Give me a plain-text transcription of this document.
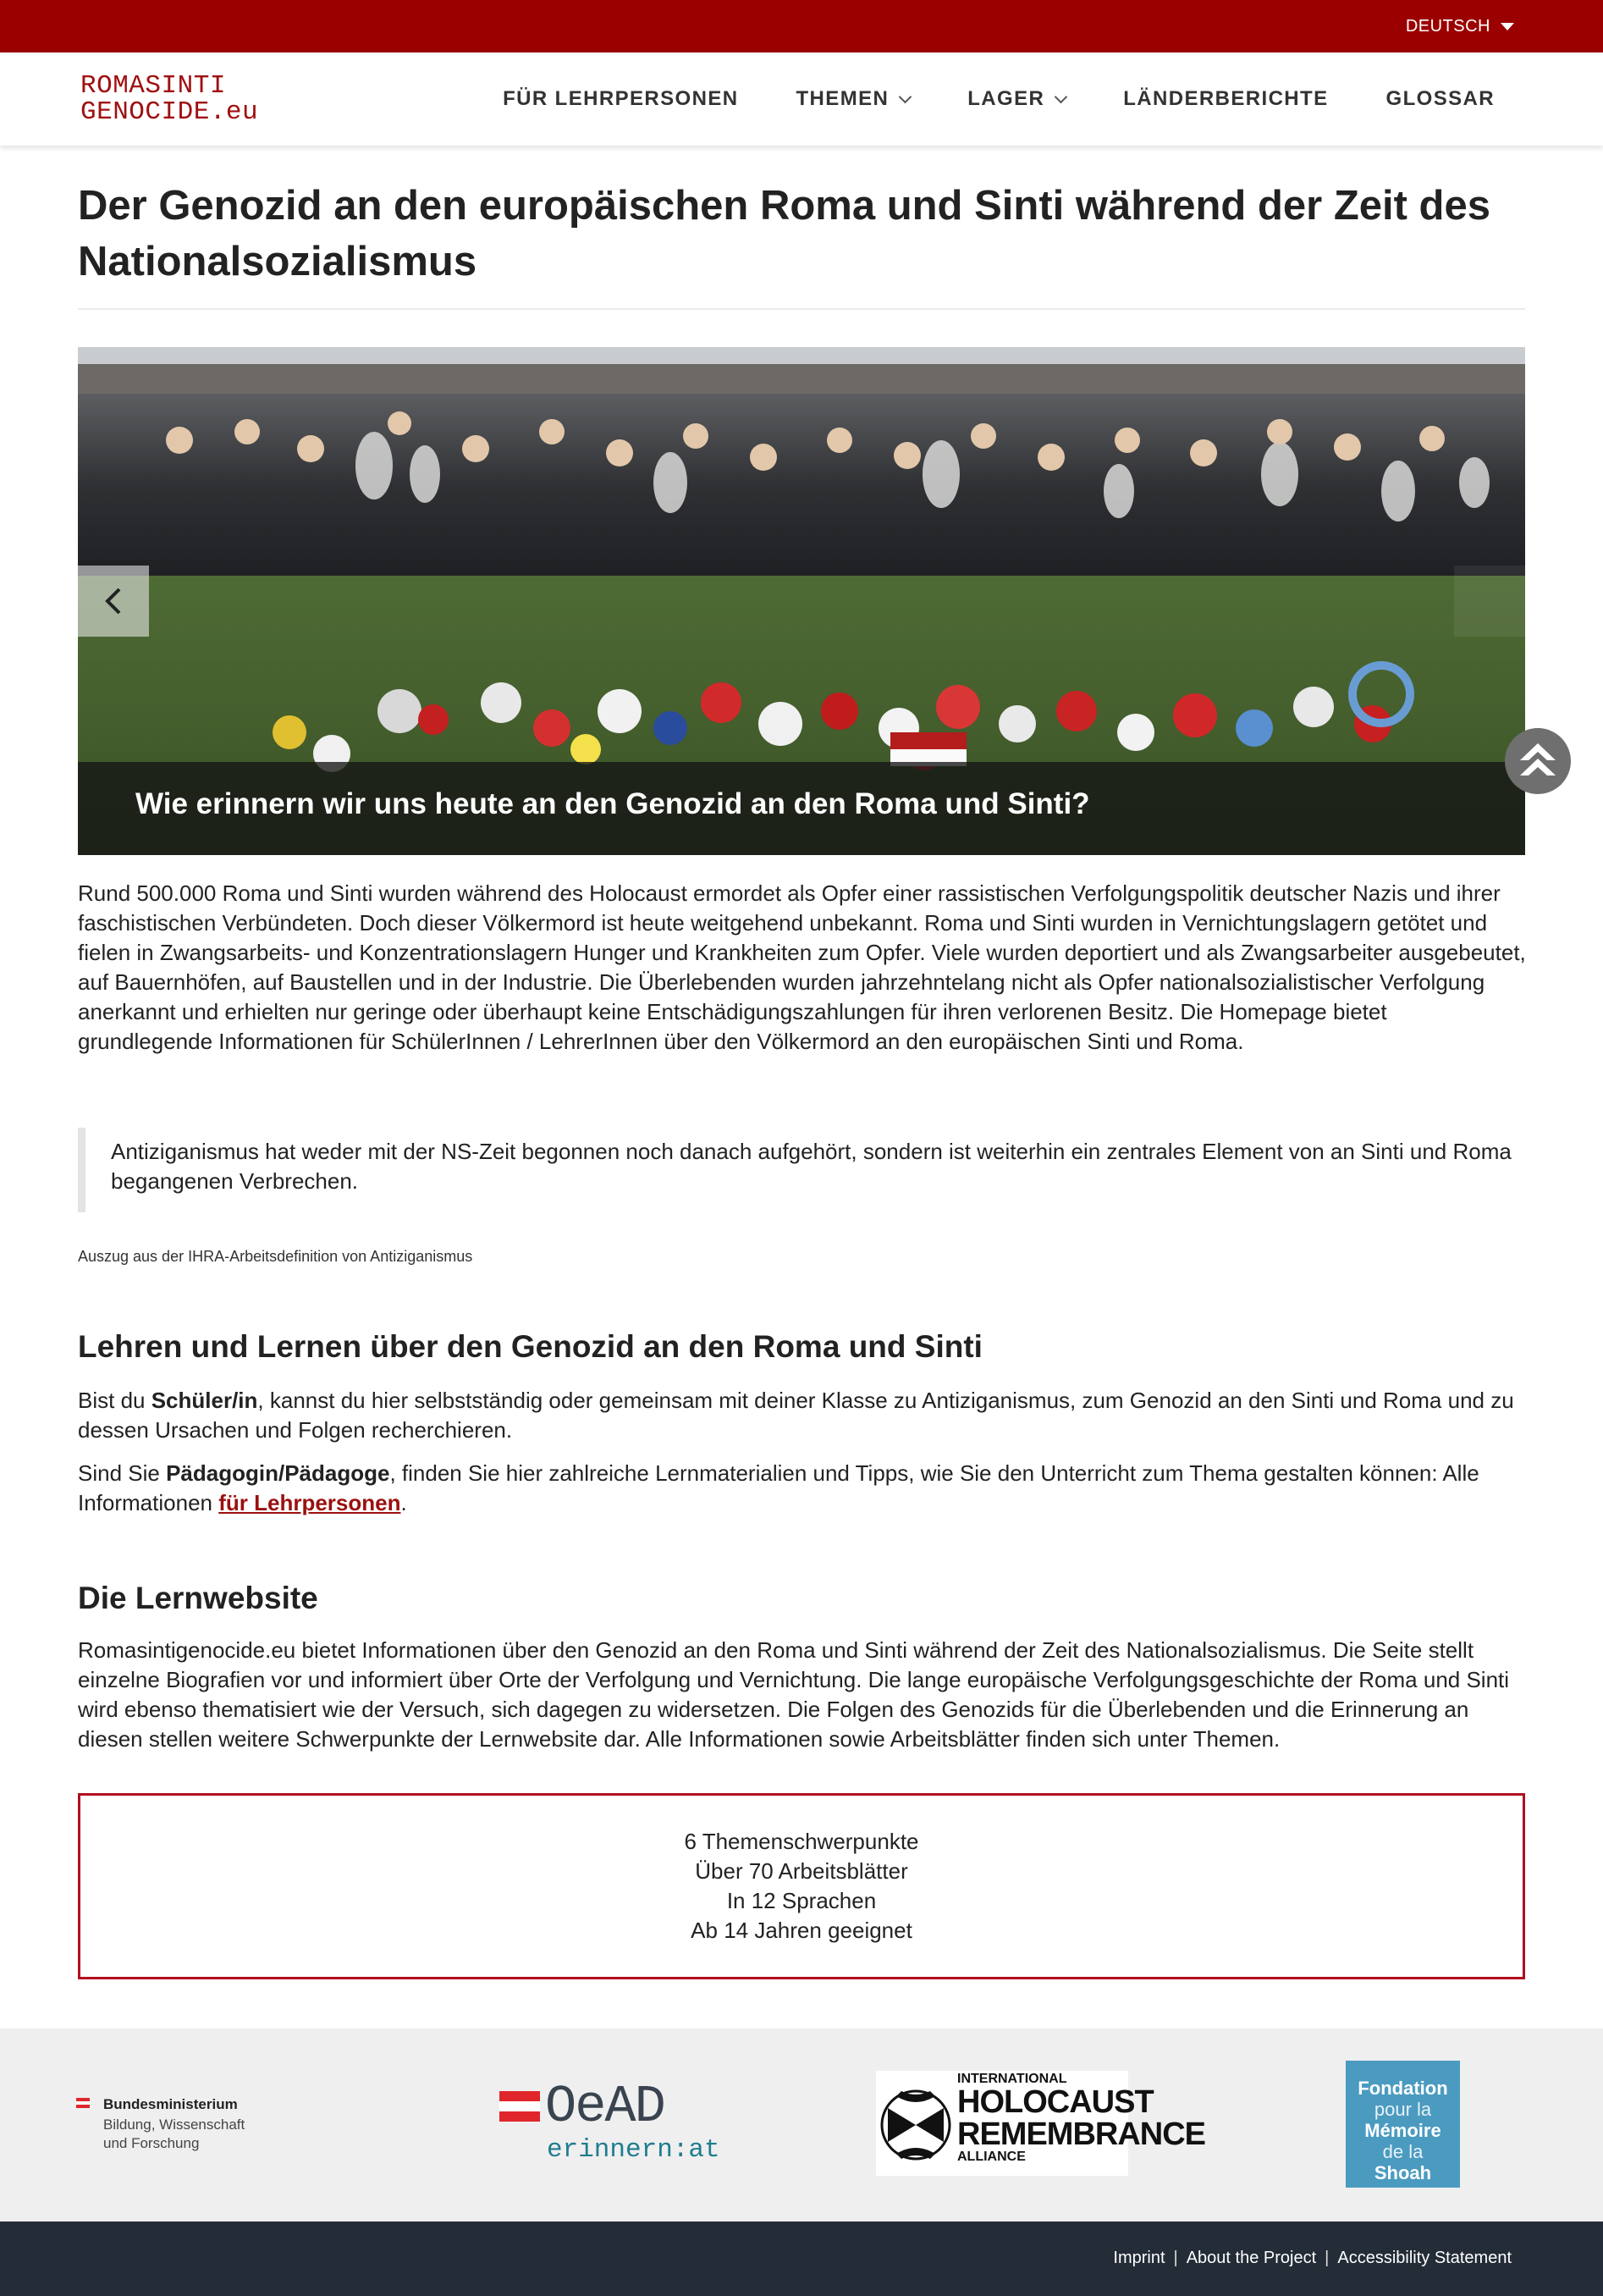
DEUTSCH
ROMASINTI
GENOCIDE.eu	FÜR LEHRPERSONEN	THEMEN	LAGER	LÄNDERBERICHTE	GLOSSAR
Der Genozid an den europäischen Roma und Sinti während der Zeit des Nationalsozialismus
Wie erinnern wir uns heute an den Genozid an den Roma und Sinti?

Rund 500.000 Roma und Sinti wurden während des Holocaust ermordet als Opfer einer rassistischen Verfolgungspolitik deutscher Nazis und ihrer faschistischen Verbündeten. Doch dieser Völkermord ist heute weitgehend unbekannt. Roma und Sinti wurden in Vernichtungslagern getötet und fielen in Zwangsarbeits- und Konzentrationslagern Hunger und Krankheiten zum Opfer. Viele wurden deportiert und als Zwangsarbeiter ausgebeutet, auf Bauernhöfen, auf Baustellen und in der Industrie. Die Überlebenden wurden jahrzehntelang nicht als Opfer nationalsozialistischer Verfolgung anerkannt und erhielten nur geringe oder überhaupt keine Entschädigungszahlungen für ihren verlorenen Besitz. Die Homepage bietet grundlegende Informationen für SchülerInnen / LehrerInnen über den Völkermord an den europäischen Sinti und Roma.

Antiziganismus hat weder mit der NS-Zeit begonnen noch danach aufgehört, sondern ist weiterhin ein zentrales Element von an Sinti und Roma begangenen Verbrechen.
Auszug aus der IHRA-Arbeitsdefinition von Antiziganismus
Lehren und Lernen über den Genozid an den Roma und Sinti

Bist du Schüler/in, kannst du hier selbstständig oder gemeinsam mit deiner Klasse zu Antiziganismus, zum Genozid an den Sinti und Roma und zu dessen Ursachen und Folgen recherchieren.

Sind Sie Pädagogin/Pädagoge, finden Sie hier zahlreiche Lernmaterialien und Tipps, wie Sie den Unterricht zum Thema gestalten können: Alle Informationen für Lehrpersonen.

Die Lernwebsite

Romasintigenocide.eu bietet Informationen über den Genozid an den Roma und Sinti während der Zeit des Nationalsozialismus. Die Seite stellt einzelne Biografien vor und informiert über Orte der Verfolgung und Vernichtung. Die lange europäische Verfolgungsgeschichte der Roma und Sinti wird ebenso thematisiert wie der Versuch, sich dagegen zu widersetzen. Die Folgen des Genozids für die Überlebenden und die Erinnerung an diesen stellen weitere Schwerpunkte der Lernwebsite dar. Alle Informationen sowie Arbeitsblätter finden sich unter Themen.

6 Themenschwerpunkte
Über 70 Arbeitsblätter
In 12 Sprachen
Ab 14 Jahren geeignet
Bundesministerium
Bildung, Wissenschaft
und Forschung
OeAD
erinnern:at
INTERNATIONAL
HOLOCAUST
REMEMBRANCE
ALLIANCE
Fondation
pour la
Mémoire
de la
Shoah
Imprint | About the Project | Accessibility Statement
